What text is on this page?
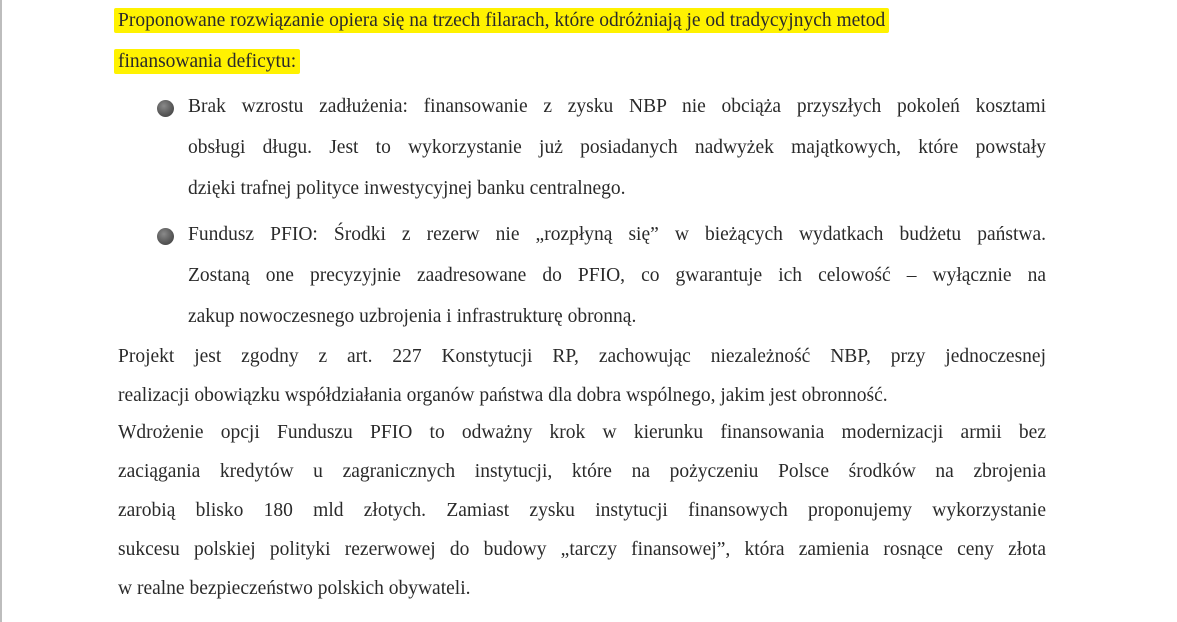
Proponowane rozwiązanie opiera się na trzech filarach, które odróżniają je od tradycyjnych metod
finansowania deficytu:
Brak wzrostu zadłużenia: finansowanie z zysku NBP nie obciąża przyszłych pokoleń kosztami
obsługi długu. Jest to wykorzystanie już posiadanych nadwyżek majątkowych, które powstały
dzięki trafnej polityce inwestycyjnej banku centralnego.
Fundusz PFIO: Środki z rezerw nie „rozpłyną się” w bieżących wydatkach budżetu państwa.
Zostaną one precyzyjnie zaadresowane do PFIO, co gwarantuje ich celowość – wyłącznie na
zakup nowoczesnego uzbrojenia i infrastrukturę obronną.
Projekt jest zgodny z art. 227 Konstytucji RP, zachowując niezależność NBP, przy jednoczesnej
realizacji obowiązku współdziałania organów państwa dla dobra wspólnego, jakim jest obronność.
Wdrożenie opcji Funduszu PFIO to odważny krok w kierunku finansowania modernizacji armii bez
zaciągania kredytów u zagranicznych instytucji, które na pożyczeniu Polsce środków na zbrojenia
zarobią blisko 180 mld złotych. Zamiast zysku instytucji finansowych proponujemy wykorzystanie
sukcesu polskiej polityki rezerwowej do budowy „tarczy finansowej”, która zamienia rosnące ceny złota
w realne bezpieczeństwo polskich obywateli.
